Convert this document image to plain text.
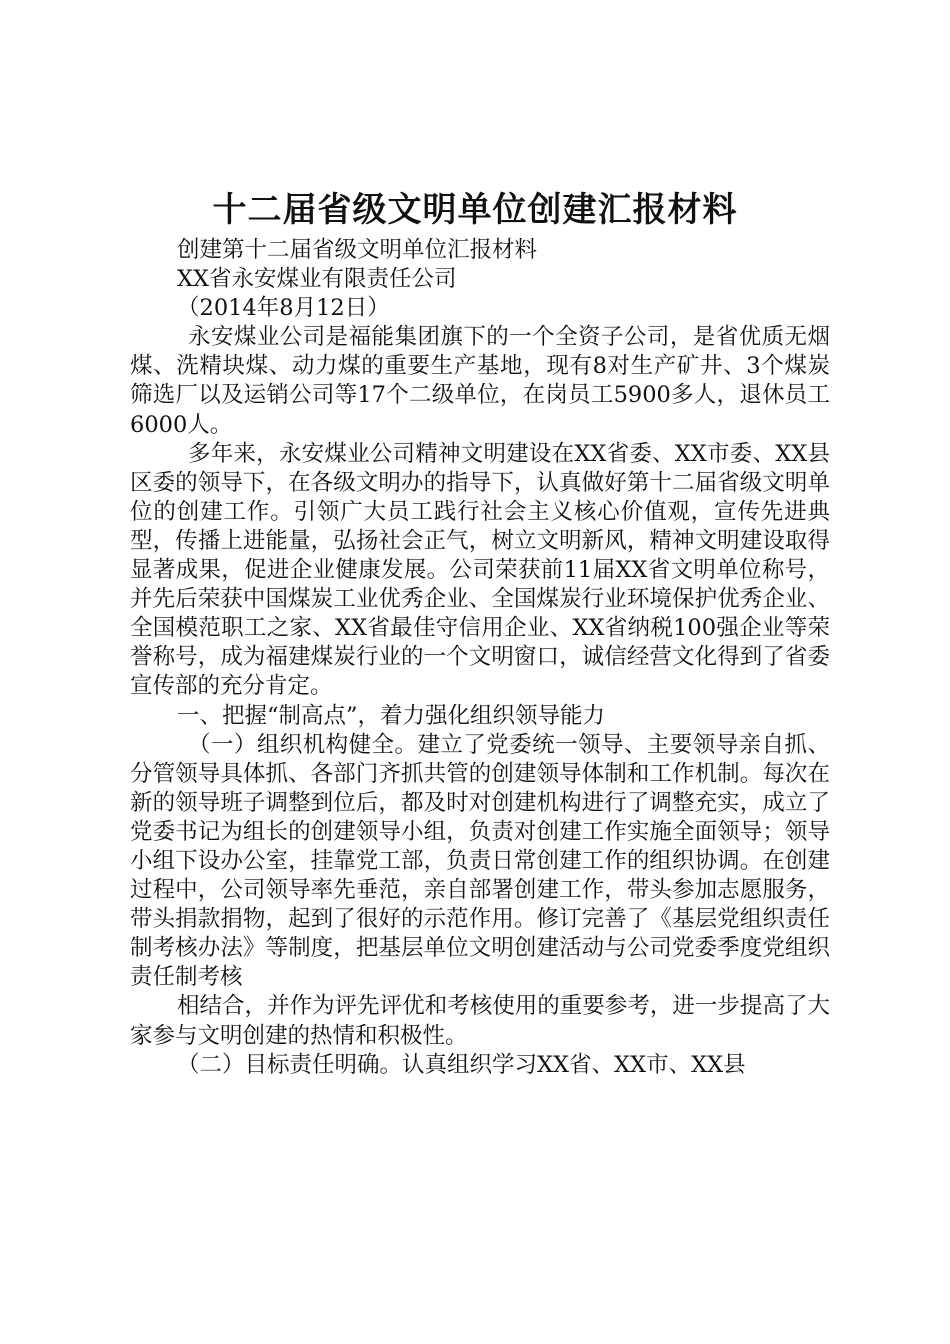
十二届省级文明单位创建汇报材料

创建第十二届省级文明单位汇报材料

XX省永安煤业有限责任公司

（2014年8月12日）

永安煤业公司是福能集团旗下的一个全资子公司，是省优质无烟煤、洗精块煤、动力煤的重要生产基地，现有8对生产矿井、3个煤炭筛选厂以及运销公司等17个二级单位，在岗员工5900多人，退休员工6000人。

多年来，永安煤业公司精神文明建设在XX省委、XX市委、XX县区委的领导下，在各级文明办的指导下，认真做好第十二届省级文明单位的创建工作。引领广大员工践行社会主义核心价值观，宣传先进典型，传播上进能量，弘扬社会正气，树立文明新风，精神文明建设取得显著成果，促进企业健康发展。公司荣获前11届XX省文明单位称号，并先后荣获中国煤炭工业优秀企业、全国煤炭行业环境保护优秀企业、全国模范职工之家、XX省最佳守信用企业、XX省纳税100强企业等荣誉称号，成为福建煤炭行业的一个文明窗口，诚信经营文化得到了省委宣传部的充分肯定。

一、把握“制高点”，着力强化组织领导能力

（一）组织机构健全。建立了党委统一领导、主要领导亲自抓、分管领导具体抓、各部门齐抓共管的创建领导体制和工作机制。每次在新的领导班子调整到位后，都及时对创建机构进行了调整充实，成立了党委书记为组长的创建领导小组，负责对创建工作实施全面领导；领导小组下设办公室，挂靠党工部，负责日常创建工作的组织协调。在创建过程中，公司领导率先垂范，亲自部署创建工作，带头参加志愿服务，带头捐款捐物，起到了很好的示范作用。修订完善了《基层党组织责任制考核办法》等制度，把基层单位文明创建活动与公司党委季度党组织责任制考核

相结合，并作为评先评优和考核使用的重要参考，进一步提高了大家参与文明创建的热情和积极性。

（二）目标责任明确。认真组织学习XX省、XX市、XX县
